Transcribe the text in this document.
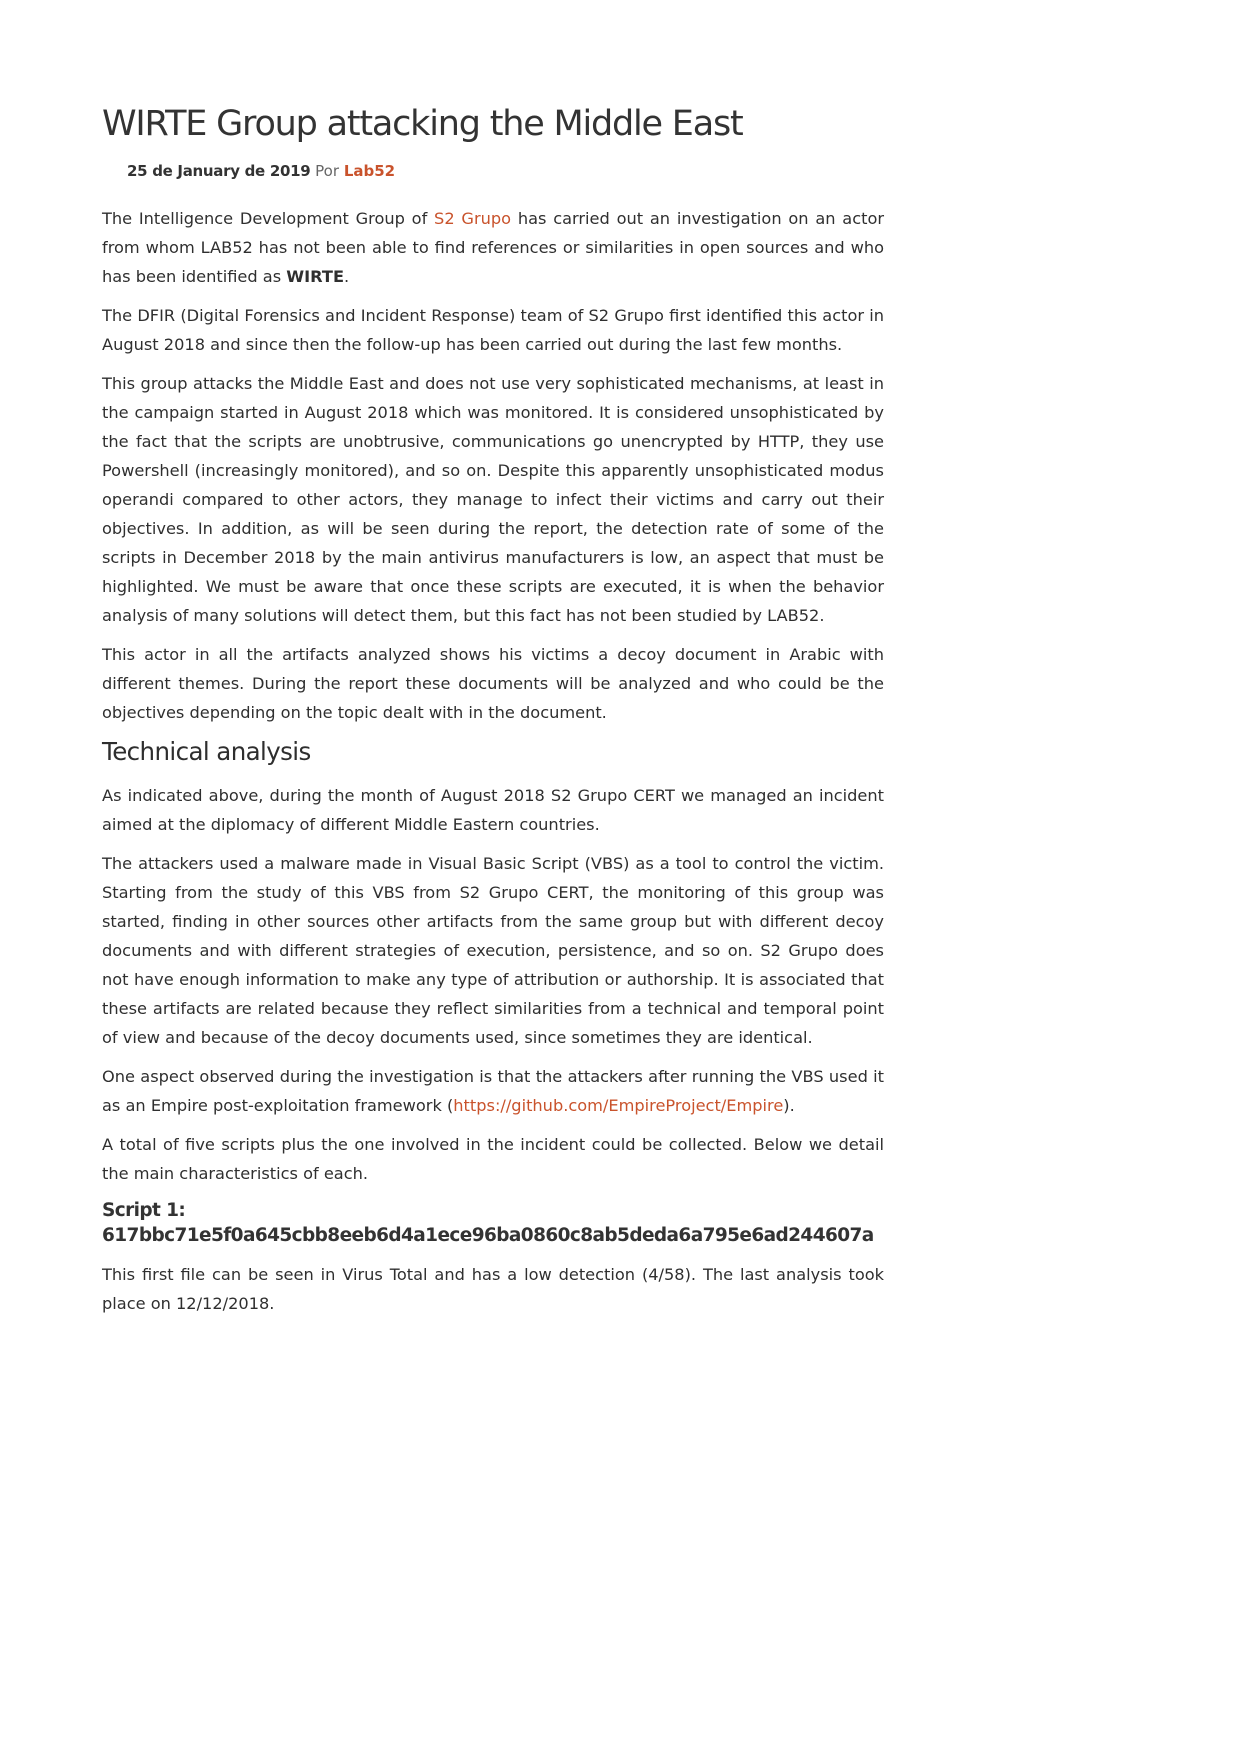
WIRTE Group attacking the Middle East
25 de January de 2019 Por Lab52

The Intelligence Development Group of S2 Grupo has carried out an investigation on an actor from whom LAB52 has not been able to find references or similarities in open sources and who has been identified as WIRTE.

The DFIR (Digital Forensics and Incident Response) team of S2 Grupo first identified this actor in August 2018 and since then the follow-up has been carried out during the last few months.

This group attacks the Middle East and does not use very sophisticated mechanisms, at least in the campaign started in August 2018 which was monitored. It is considered unsophisticated by the fact that the scripts are unobtrusive, communications go unencrypted by HTTP, they use Powershell (increasingly monitored), and so on. Despite this apparently unsophisticated modus operandi compared to other actors, they manage to infect their victims and carry out their objectives. In addition, as will be seen during the report, the detection rate of some of the scripts in December 2018 by the main antivirus manufacturers is low, an aspect that must be highlighted. We must be aware that once these scripts are executed, it is when the behavior analysis of many solutions will detect them, but this fact has not been studied by LAB52.

This actor in all the artifacts analyzed shows his victims a decoy document in Arabic with different themes. During the report these documents will be analyzed and who could be the objectives depending on the topic dealt with in the document.

Technical analysis

As indicated above, during the month of August 2018 S2 Grupo CERT we managed an incident aimed at the diplomacy of different Middle Eastern countries.

The attackers used a malware made in Visual Basic Script (VBS) as a tool to control the victim. Starting from the study of this VBS from S2 Grupo CERT, the monitoring of this group was started, finding in other sources other artifacts from the same group but with different decoy documents and with different strategies of execution, persistence, and so on. S2 Grupo does not have enough information to make any type of attribution or authorship. It is associated that these artifacts are related because they reflect similarities from a technical and temporal point of view and because of the decoy documents used, since sometimes they are identical.

One aspect observed during the investigation is that the attackers after running the VBS used it as an Empire post-exploitation framework (https://github.com/EmpireProject/Empire).

A total of five scripts plus the one involved in the incident could be collected. Below we detail the main characteristics of each.

Script 1:
617bbc71e5f0a645cbb8eeb6d4a1ece96ba0860c8ab5deda6a795e6ad244607a

This first file can be seen in Virus Total and has a low detection (4/58). The last analysis took place on 12/12/2018.
